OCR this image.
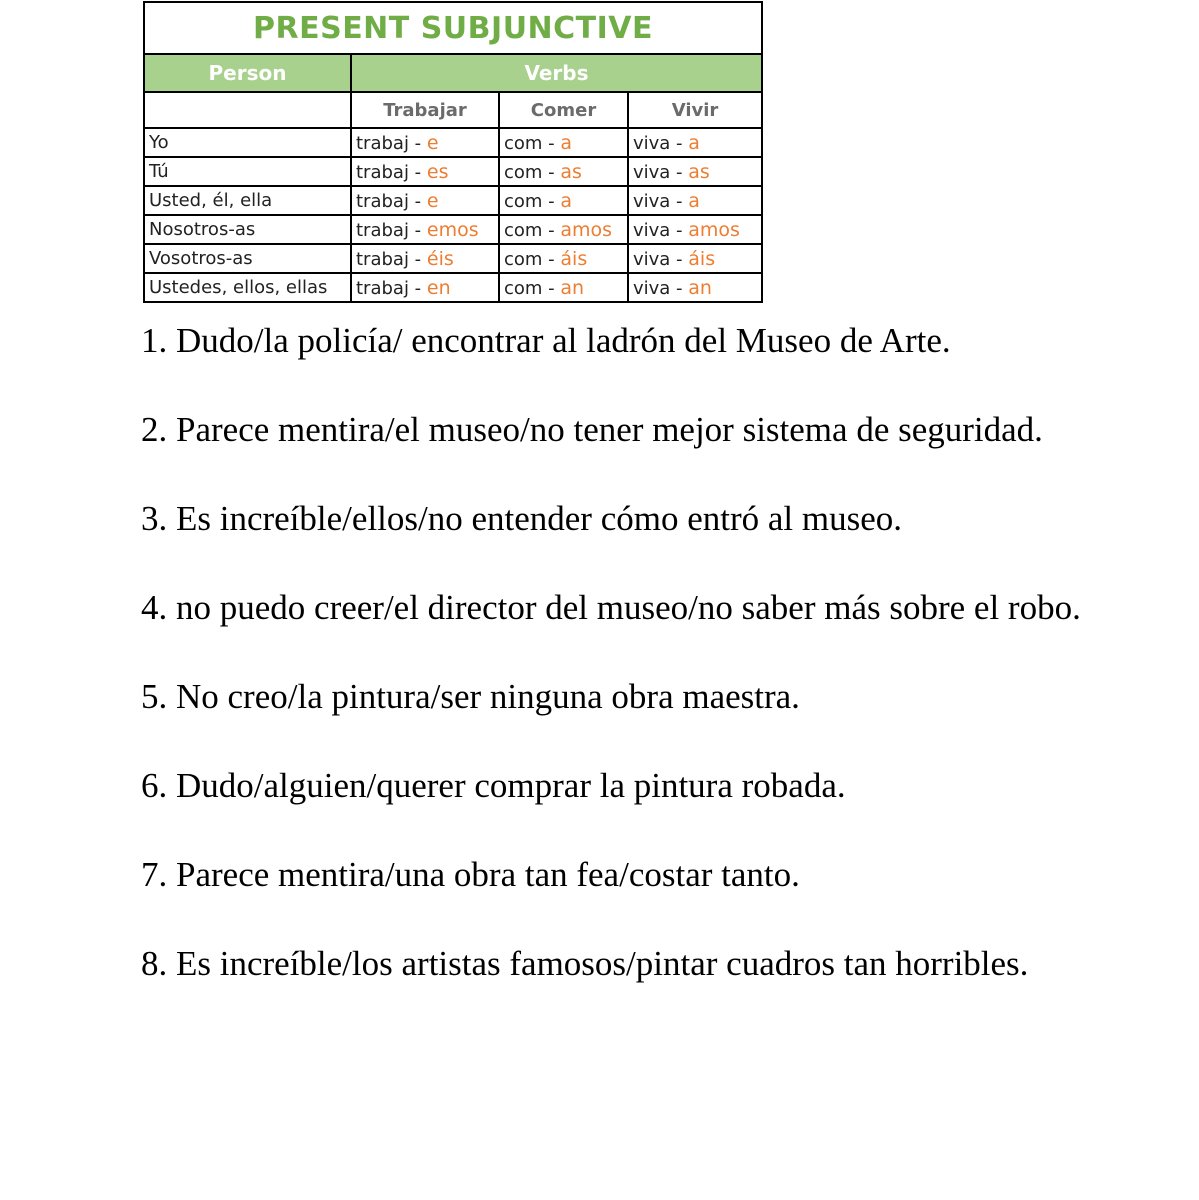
PRESENT SUBJUNCTIVE			
Person	Verbs		
	Trabajar	Comer	Vivir
Yo	trabaj - e	com - a	viva - a
Tú	trabaj - es	com - as	viva - as
Usted, él, ella	trabaj - e	com - a	viva - a
Nosotros-as	trabaj - emos	com - amos	viva - amos
Vosotros-as	trabaj - éis	com - áis	viva - áis
Ustedes, ellos, ellas	trabaj - en	com - an	viva - an
1. Dudo/la policía/ encontrar al ladrón del Museo de Arte.
2. Parece mentira/el museo/no tener mejor sistema de seguridad.
3. Es increíble/ellos/no entender cómo entró al museo.
4. no puedo creer/el director del museo/no saber más sobre el robo.
5. No creo/la pintura/ser ninguna obra maestra.
6. Dudo/alguien/querer comprar la pintura robada.
7. Parece mentira/una obra tan fea/costar tanto.
8. Es increíble/los artistas famosos/pintar cuadros tan horribles.
